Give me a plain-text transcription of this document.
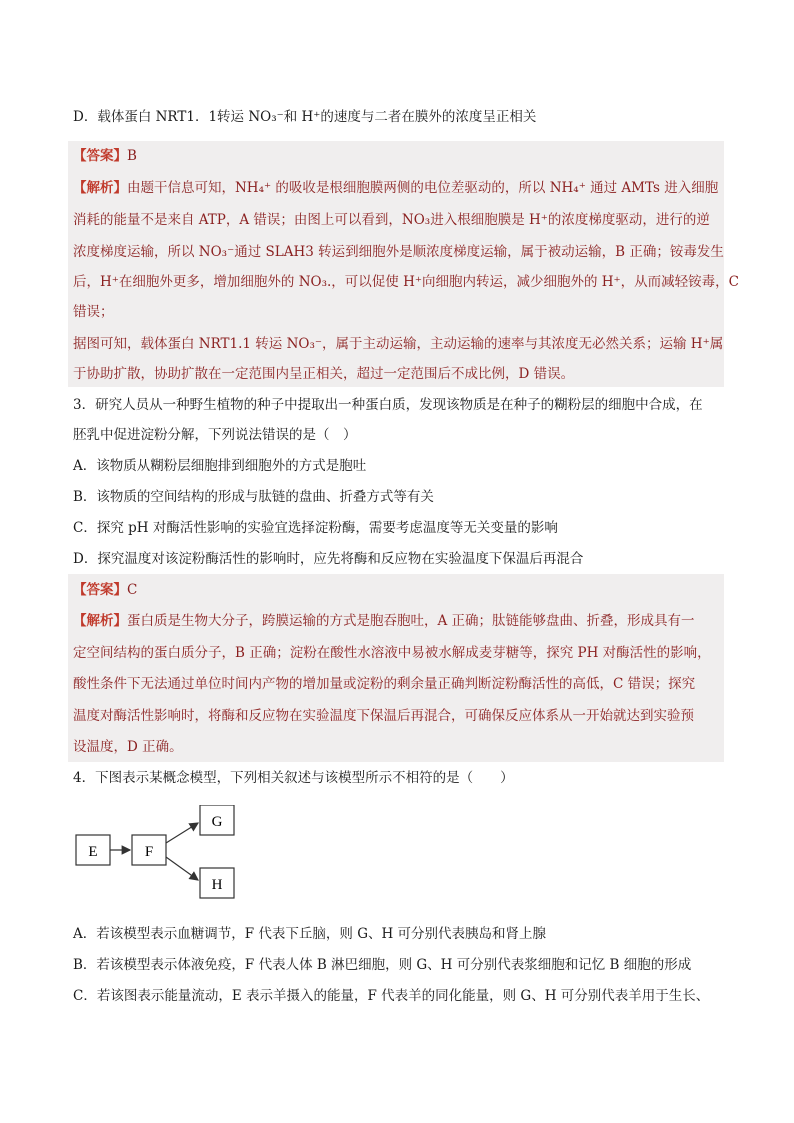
D．载体蛋白 NRT1．1转运 NO₃⁻和 H⁺的速度与二者在膜外的浓度呈正相关
【答案】B
【解析】由题干信息可知，NH₄⁺ 的吸收是根细胞膜两侧的电位差驱动的，所以 NH₄⁺ 通过 AMTs 进入细胞
消耗的能量不是来自 ATP，A 错误；由图上可以看到，NO₃进入根细胞膜是 H⁺的浓度梯度驱动，进行的逆
浓度梯度运输，所以 NO₃⁻通过 SLAH3 转运到细胞外是顺浓度梯度运输，属于被动运输，B 正确；铵毒发生
后，H⁺在细胞外更多，增加细胞外的 NO₃.，可以促使 H⁺向细胞内转运，减少细胞外的 H⁺，从而减轻铵毒，C
错误；
据图可知，载体蛋白 NRT1.1 转运 NO₃⁻，属于主动运输，主动运输的速率与其浓度无必然关系；运输 H⁺属
于协助扩散，协助扩散在一定范围内呈正相关，超过一定范围后不成比例，D 错误。
3．研究人员从一种野生植物的种子中提取出一种蛋白质，发现该物质是在种子的糊粉层的细胞中合成，在
胚乳中促进淀粉分解，下列说法错误的是（　）
A．该物质从糊粉层细胞排到细胞外的方式是胞吐
B．该物质的空间结构的形成与肽链的盘曲、折叠方式等有关
C．探究 pH 对酶活性影响的实验宜选择淀粉酶，需要考虑温度等无关变量的影响
D．探究温度对该淀粉酶活性的影响时，应先将酶和反应物在实验温度下保温后再混合
【答案】C
【解析】蛋白质是生物大分子，跨膜运输的方式是胞吞胞吐，A 正确；肽链能够盘曲、折叠，形成具有一
定空间结构的蛋白质分子，B 正确；淀粉在酸性水溶液中易被水解成麦芽糖等，探究 PH 对酶活性的影响，
酸性条件下无法通过单位时间内产物的增加量或淀粉的剩余量正确判断淀粉酶活性的高低，C 错误；探究
温度对酶活性影响时，将酶和反应物在实验温度下保温后再混合，可确保反应体系从一开始就达到实验预
设温度，D 正确。
4．下图表示某概念模型，下列相关叙述与该模型所示不相符的是（　　）
E	F
G
H
A．若该模型表示血糖调节，F 代表下丘脑，则 G、H 可分别代表胰岛和肾上腺
B．若该模型表示体液免疫，F 代表人体 B 淋巴细胞，则 G、H 可分别代表浆细胞和记忆 B 细胞的形成
C．若该图表示能量流动，E 表示羊摄入的能量，F 代表羊的同化能量，则 G、H 可分别代表羊用于生长、
